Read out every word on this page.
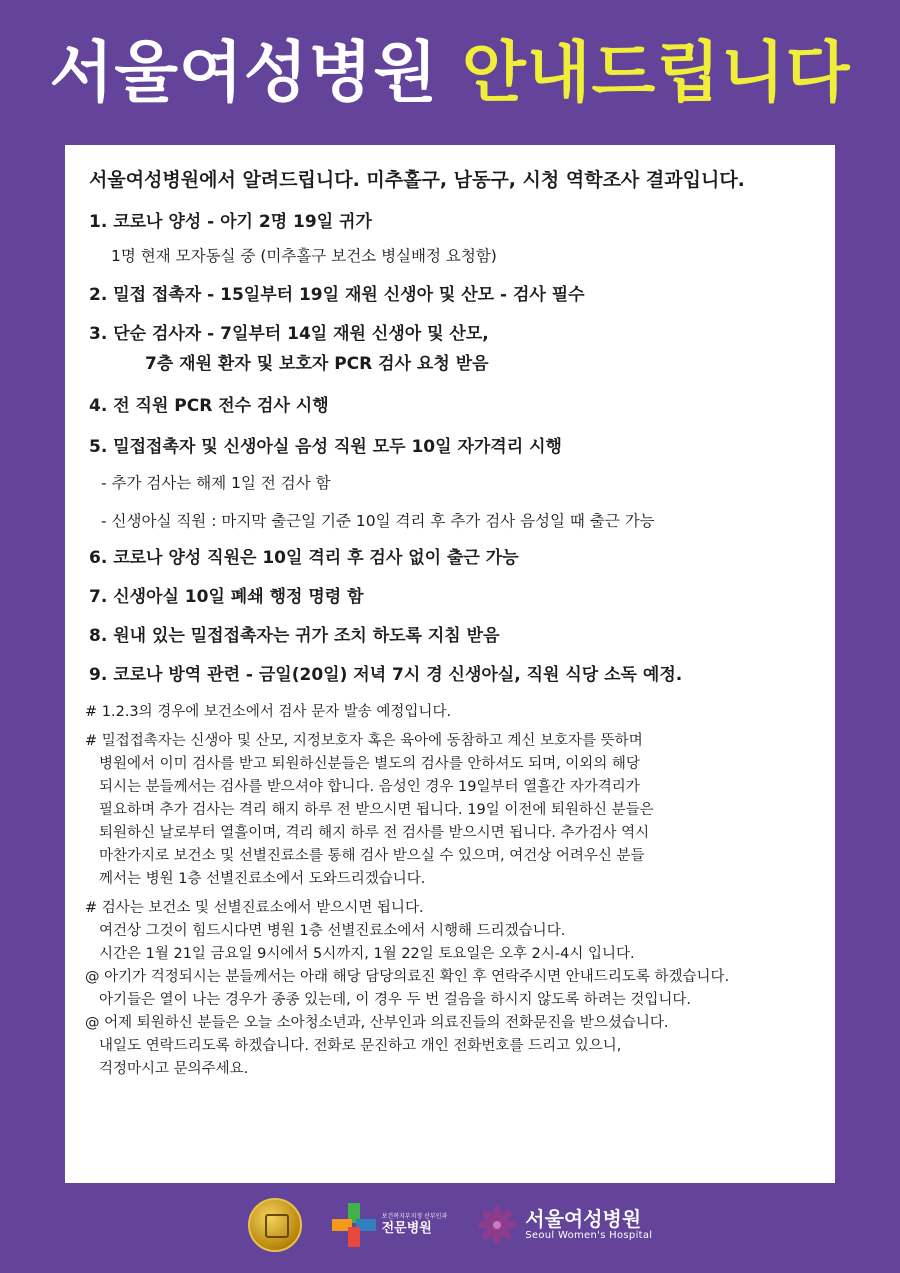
서울여성병원 안내드립니다
서울여성병원에서 알려드립니다. 미추홀구, 남동구, 시청 역학조사 결과입니다.
1. 코로나 양성 - 아기 2명 19일 귀가
1명 현재 모자동실 중 (미추홀구 보건소 병실배정 요청함)
2. 밀접 접촉자 - 15일부터 19일 재원 신생아 및 산모 - 검사 필수
3. 단순 검사자 - 7일부터 14일 재원 신생아 및 산모,
7층 재원 환자 및 보호자 PCR 검사 요청 받음
4. 전 직원 PCR 전수 검사 시행
5. 밀접접촉자 및 신생아실 음성 직원 모두 10일 자가격리 시행
- 추가 검사는 해제 1일 전 검사 함
- 신생아실 직원 : 마지막 출근일 기준 10일 격리 후 추가 검사 음성일 때 출근 가능
6. 코로나 양성 직원은 10일 격리 후 검사 없이 출근 가능
7. 신생아실 10일 폐쇄 행정 명령 함
8. 원내 있는 밀접접촉자는 귀가 조치 하도록 지침 받음
9. 코로나 방역 관련 - 금일(20일) 저녁 7시 경 신생아실, 직원 식당 소독 예정.
# 1.2.3의 경우에 보건소에서 검사 문자 발송 예정입니다.
# 밀접접촉자는 신생아 및 산모, 지정보호자 혹은 육아에 동참하고 계신 보호자를 뜻하며
병원에서 이미 검사를 받고 퇴원하신분들은 별도의 검사를 안하셔도 되며, 이외의 해당
되시는 분들께서는 검사를 받으셔야 합니다. 음성인 경우 19일부터 열흘간 자가격리가
필요하며 추가 검사는 격리 해지 하루 전 받으시면 됩니다. 19일 이전에 퇴원하신 분들은
퇴원하신 날로부터 열흘이며, 격리 해지 하루 전 검사를 받으시면 됩니다. 추가검사 역시
마찬가지로 보건소 및 선별진료소를 통해 검사 받으실 수 있으며, 여건상 어려우신 분들
께서는 병원 1층 선별진료소에서 도와드리겠습니다.
# 검사는 보건소 및 선별진료소에서 받으시면 됩니다.
여건상 그것이 힘드시다면 병원 1층 선별진료소에서 시행해 드리겠습니다.
시간은 1월 21일 금요일 9시에서 5시까지, 1월 22일 토요일은 오후 2시-4시 입니다.
@ 아기가 걱정되시는 분들께서는 아래 해당 담당의료진 확인 후 연락주시면 안내드리도록 하겠습니다.
아기들은 열이 나는 경우가 종종 있는데, 이 경우 두 번 걸음을 하시지 않도록 하려는 것입니다.
@ 어제 퇴원하신 분들은 오늘 소아청소년과, 산부인과 의료진들의 전화문진을 받으셨습니다.
내일도 연락드리도록 하겠습니다. 전화로 문진하고 개인 전화번호를 드리고 있으니,
걱정마시고 문의주세요.
보건복지부지정 산부인과
전문병원	서울여성병원
Seoul Women's Hospital
